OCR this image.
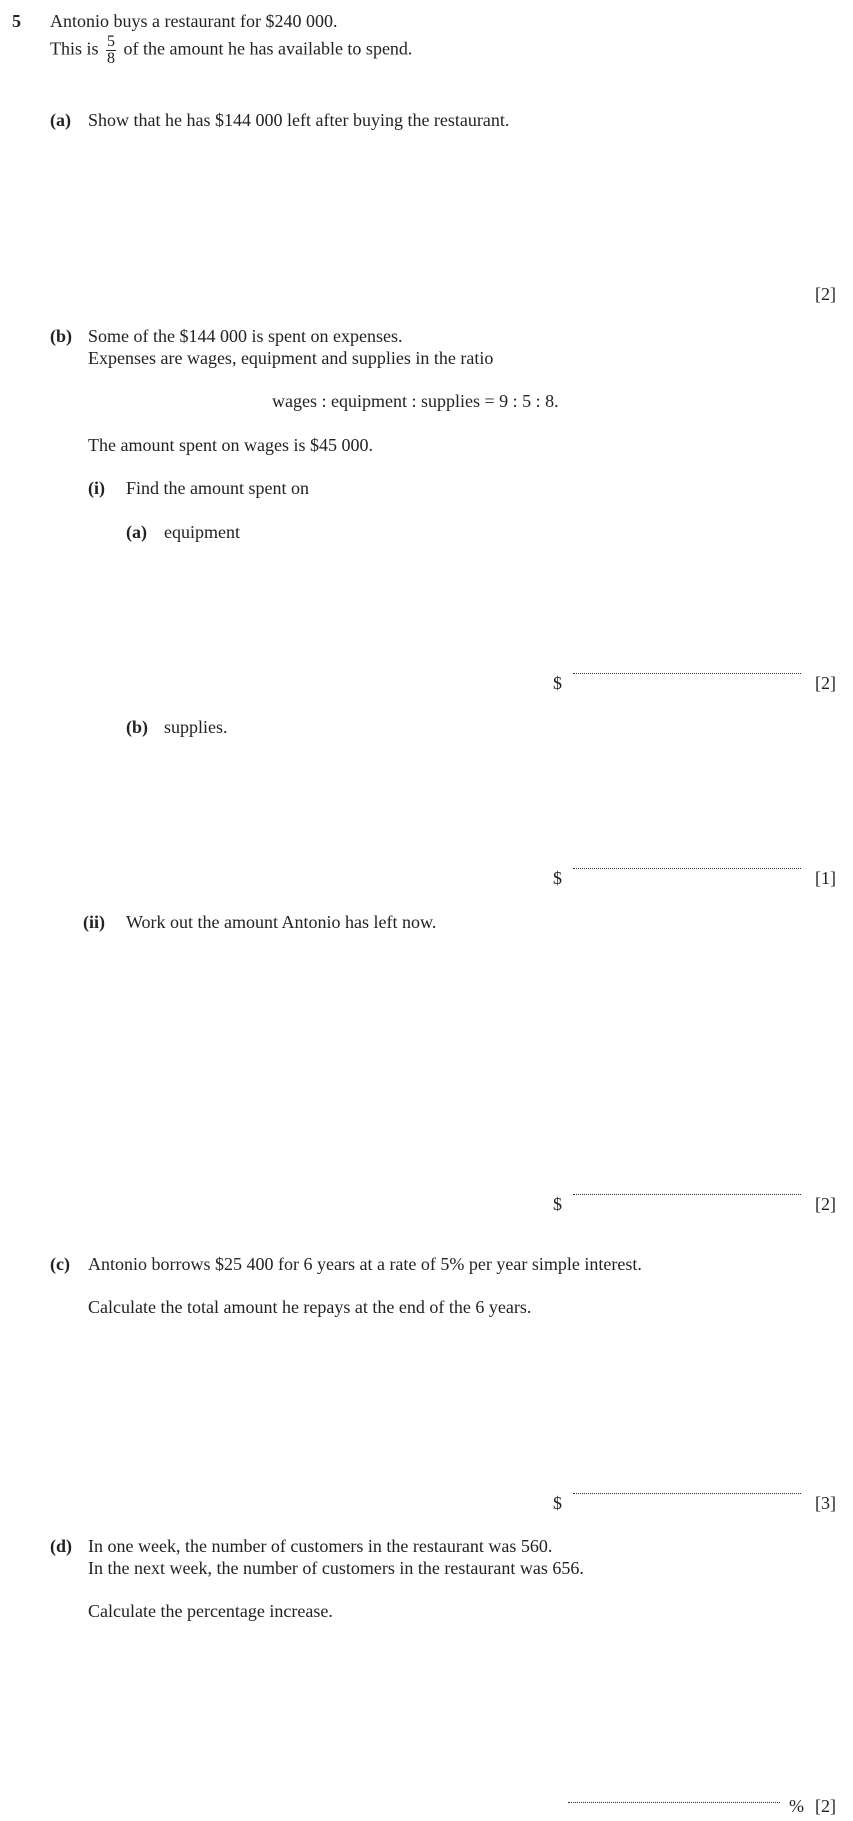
5 Antonio buys a restaurant for $240 000.
This is $\frac{5}{8}$ of the amount he has available to spend.
(a) Show that he has $144 000 left after buying the restaurant.
[2]
(b) Some of the $144 000 is spent on expenses.
Expenses are wages, equipment and supplies in the ratio
wages : equipment : supplies = 9 : 5 : 8.
The amount spent on wages is $45 000.
(i) Find the amount spent on
(a) equipment
$	[2]
(b) supplies.
$	[1]
(ii) Work out the amount Antonio has left now.
$	[2]
(c) Antonio borrows $25 400 for 6 years at a rate of 5% per year simple interest.
Calculate the total amount he repays at the end of the 6 years.
$	[3]
(d) In one week, the number of customers in the restaurant was 560.
In the next week, the number of customers in the restaurant was 656.
Calculate the percentage increase.
% [2]
